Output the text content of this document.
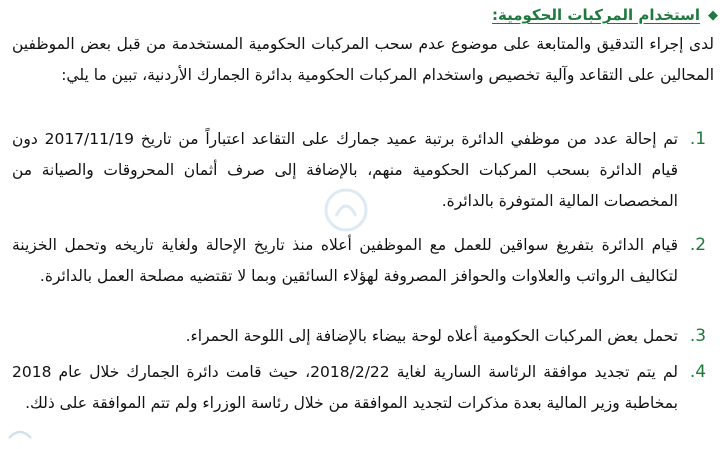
◆
استخدام المركبات الحكومية:

لدى إجراء التدقيق والمتابعة على موضوع عدم سحب المركبات الحكومية المستخدمة من قبل بعض الموظفين المحالين على التقاعد وآلية تخصيص واستخدام المركبات الحكومية بدائرة الجمارك الأردنية، تبين ما يلي:

1.

تم إحالة عدد من موظفي الدائرة برتبة عميد جمارك على التقاعد اعتباراً من تاريخ 2017/11/19 دون قيام الدائرة بسحب المركبات الحكومية منهم، بالإضافة إلى صرف أثمان المحروقات والصيانة من المخصصات المالية المتوفرة بالدائرة.

2.

قيام الدائرة بتفريغ سواقين للعمل مع الموظفين أعلاه منذ تاريخ الإحالة ولغاية تاريخه وتحمل الخزينة لتكاليف الرواتب والعلاوات والحوافز المصروفة لهؤلاء السائقين وبما لا تقتضيه مصلحة العمل بالدائرة.

3.

تحمل بعض المركبات الحكومية أعلاه لوحة بيضاء بالإضافة إلى اللوحة الحمراء.

4.

لم يتم تجديد موافقة الرئاسة السارية لغاية 2018/2/22، حيث قامت دائرة الجمارك خلال عام 2018 بمخاطبة وزير المالية بعدة مذكرات لتجديد الموافقة من خلال رئاسة الوزراء ولم تتم الموافقة على ذلك.
